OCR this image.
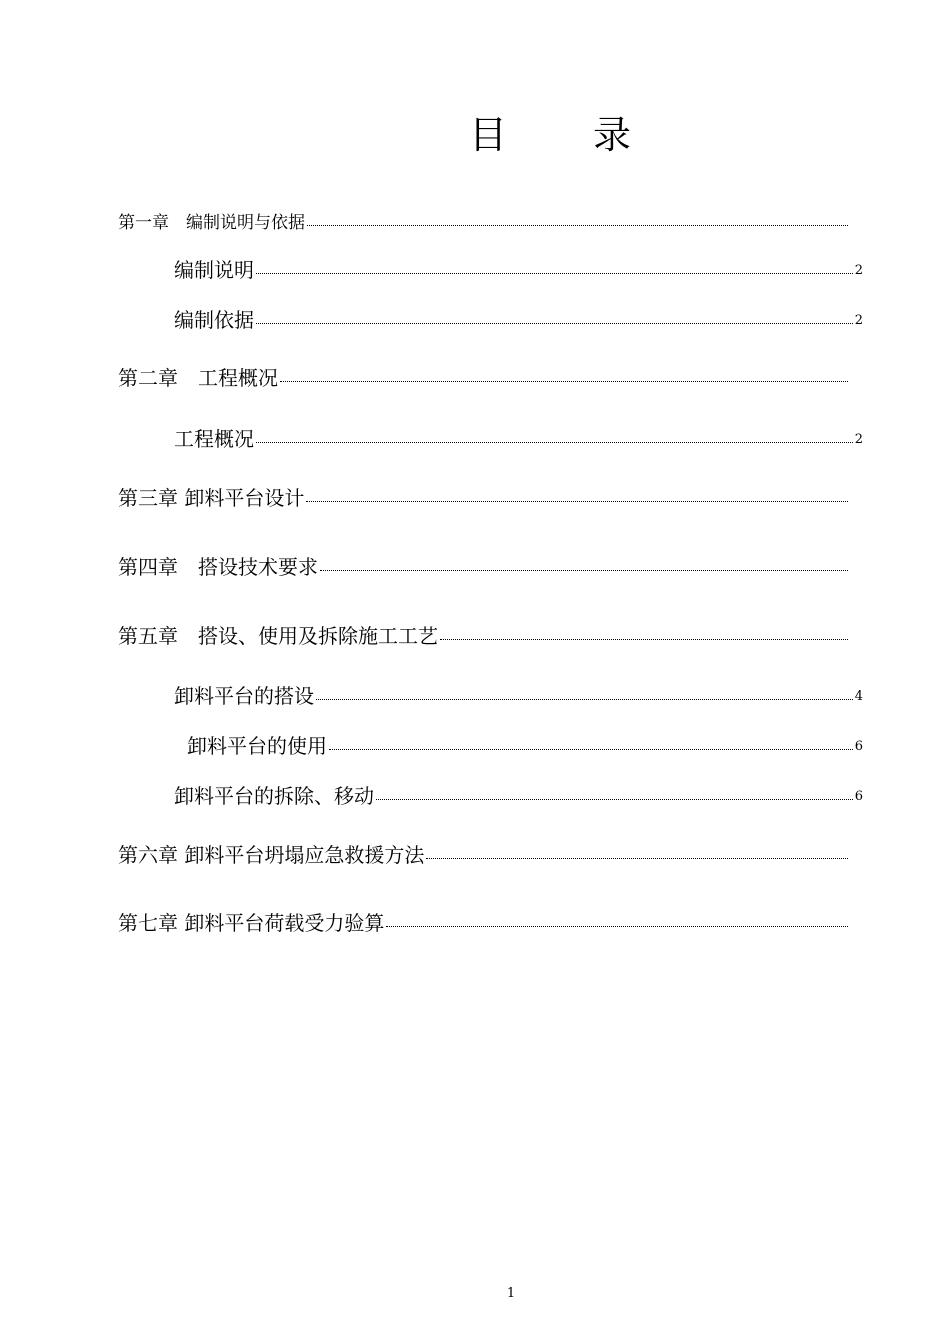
目 录
第一章　编制说明与依据
编制说明	2
编制依据	2
第二章　工程概况
工程概况	2
第三章 卸料平台设计
第四章　搭设技术要求
第五章　搭设、使用及拆除施工工艺
卸料平台的搭设	4
卸料平台的使用	6
卸料平台的拆除、移动	6
第六章 卸料平台坍塌应急救援方法
第七章 卸料平台荷载受力验算
1
